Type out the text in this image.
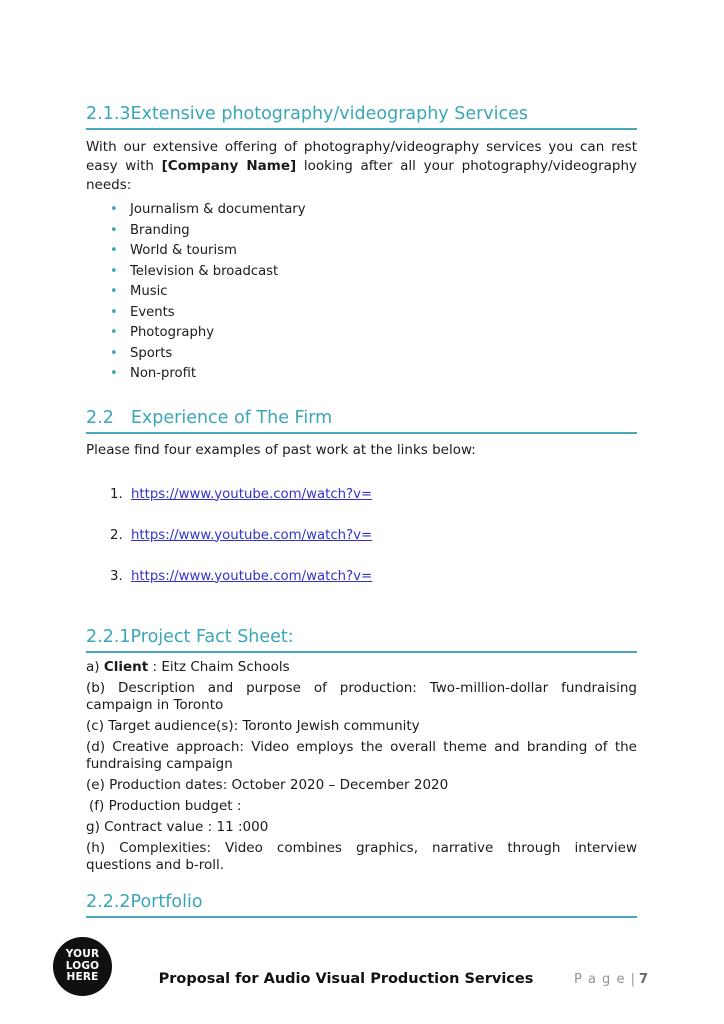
2.1.3Extensive photography/videography Services

With our extensive offering of photography/videography services you can rest easy with [Company Name] looking after all your photography/videography needs:

• Journalism & documentary
• Branding
• World & tourism
• Television & broadcast
• Music
• Events
• Photography
• Sports
• Non-profit
2.2 Experience of The Firm

Please find four examples of past work at the links below:

1. https://www.youtube.com/watch?v=
2. https://www.youtube.com/watch?v=
3. https://www.youtube.com/watch?v=
2.2.1Project Fact Sheet:

a) Client : Eitz Chaim Schools

(b) Description and purpose of production: Two-million-dollar fundraising campaign in Toronto

(c) Target audience(s): Toronto Jewish community

(d) Creative approach: Video employs the overall theme and branding of the fundraising campaign

(e) Production dates: October 2020 – December 2020

(f) Production budget :

g) Contract value : 11 :000

(h) Complexities: Video combines graphics, narrative through interview questions and b-roll.

2.2.2Portfolio
YOUR
LOGO
HERE	Proposal for Audio Visual Production Services	P a g e | 7
